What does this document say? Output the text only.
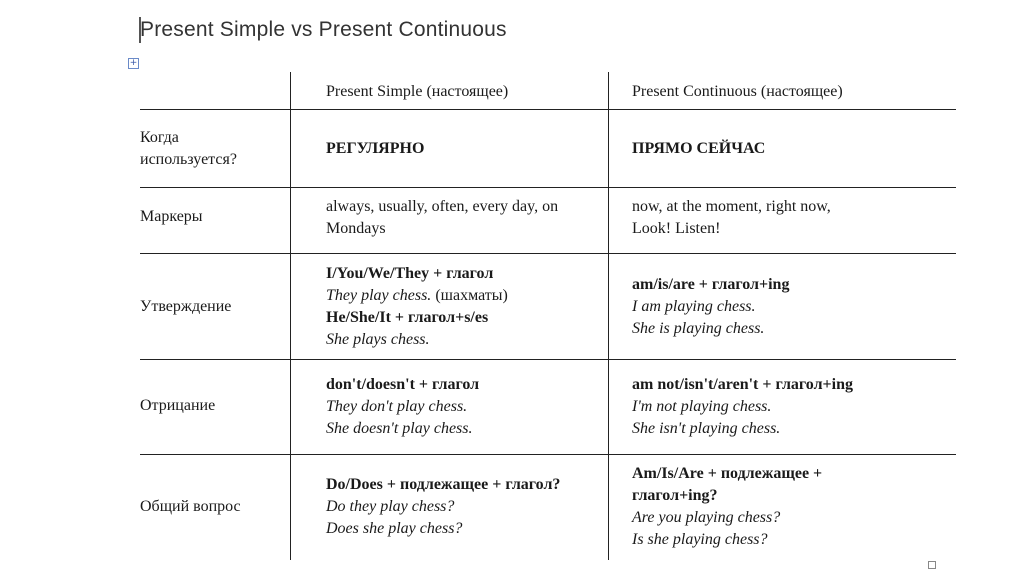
Present Simple vs Present Continuous
+
Present Simple (настоящее)	Present Continuous (настоящее)
Когда
используется?
РЕГУЛЯРНО	ПРЯМО СЕЙЧАС
Маркеры
always, usually, often, every day, on
Mondays
now, at the moment, right now,
Look! Listen!
Утверждение
I/You/We/They + глагол
They play chess. (шахматы)
He/She/It + глагол+s/es
She plays chess.
am/is/are + глагол+ing
I am playing chess.
She is playing chess.
Отрицание
don't/doesn't + глагол
They don't play chess.
She doesn't play chess.
am not/isn't/aren't + глагол+ing
I'm not playing chess.
She isn't playing chess.
Общий вопрос
Do/Does + подлежащее + глагол?
Do they play chess?
Does she play chess?
Am/Is/Are + подлежащее +
глагол+ing?
Are you playing chess?
Is she playing chess?
